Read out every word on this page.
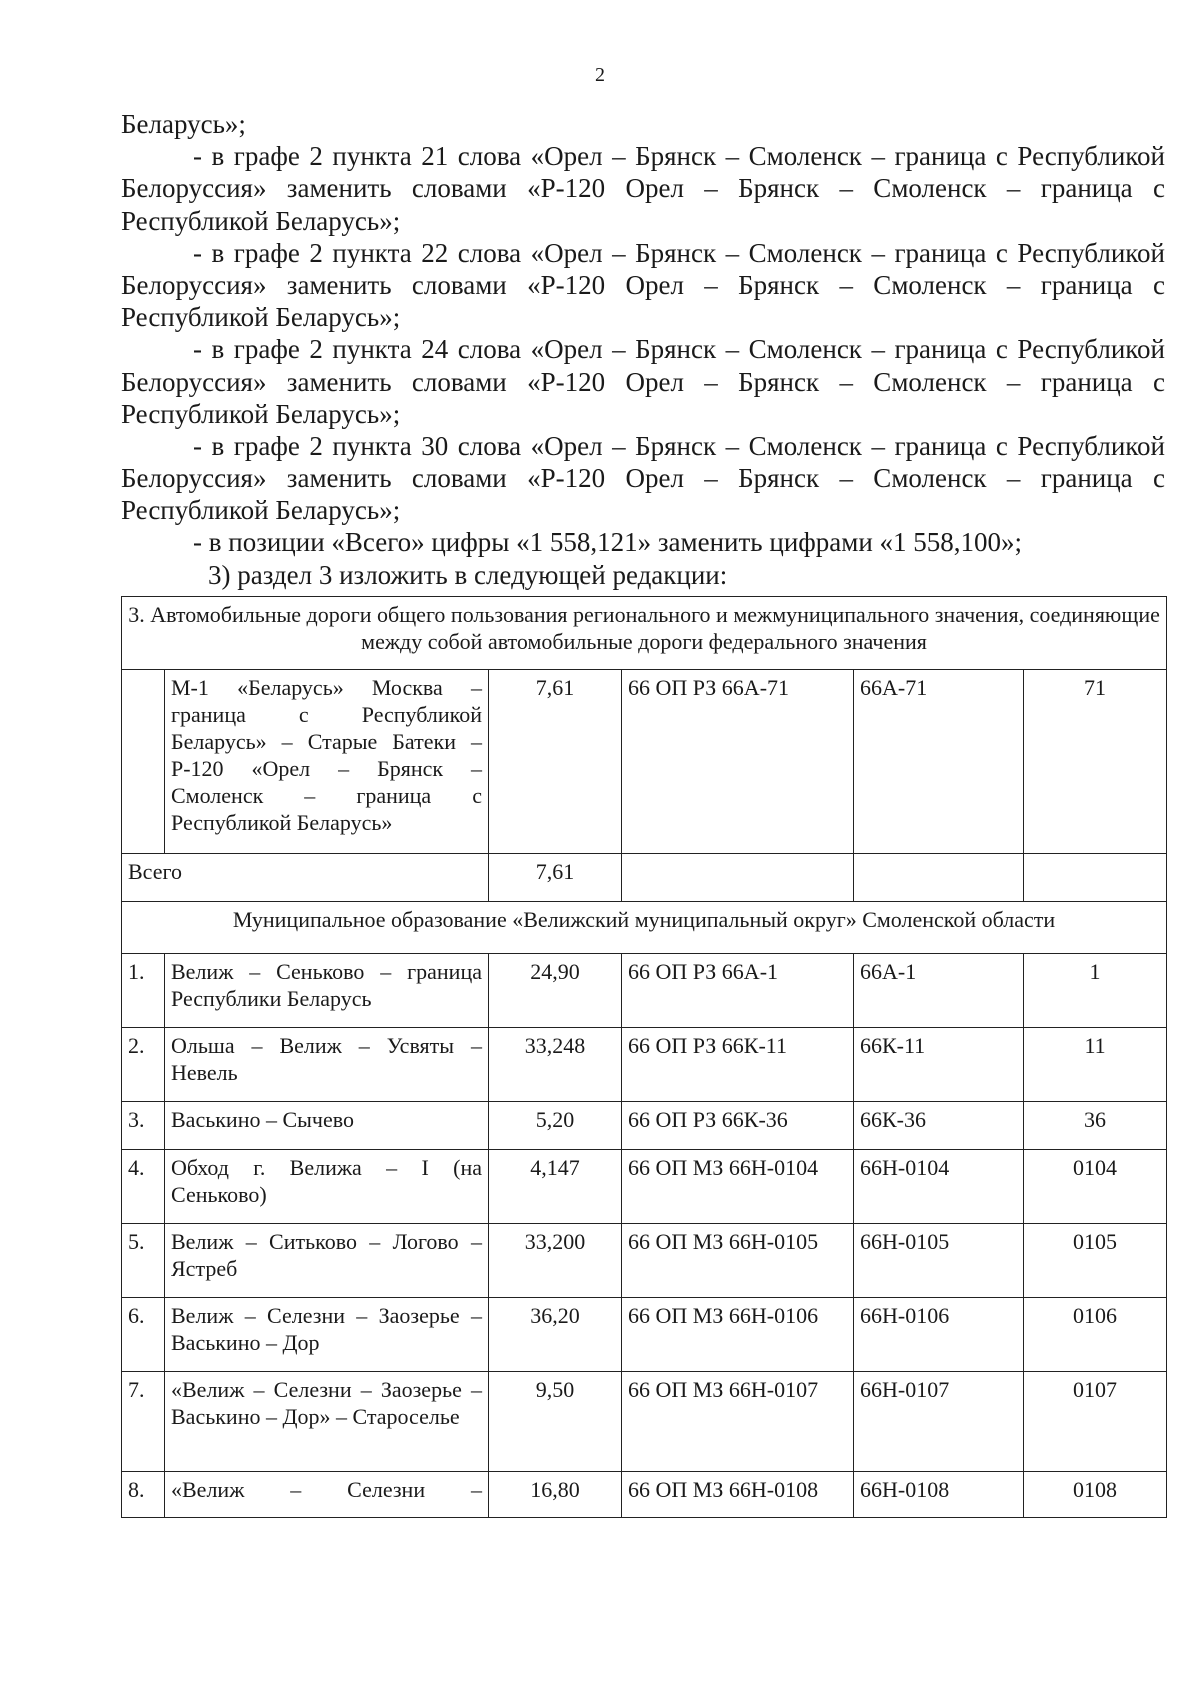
2
Беларусь»;
- в графе 2 пункта 21 слова «Орел – Брянск – Смоленск – граница с Республикой
Белоруссия» заменить словами «Р-120 Орел – Брянск – Смоленск – граница с
Республикой Беларусь»;
- в графе 2 пункта 22 слова «Орел – Брянск – Смоленск – граница с Республикой
Белоруссия» заменить словами «Р-120 Орел – Брянск – Смоленск – граница с
Республикой Беларусь»;
- в графе 2 пункта 24 слова «Орел – Брянск – Смоленск – граница с Республикой
Белоруссия» заменить словами «Р-120 Орел – Брянск – Смоленск – граница с
Республикой Беларусь»;
- в графе 2 пункта 30 слова «Орел – Брянск – Смоленск – граница с Республикой
Белоруссия» заменить словами «Р-120 Орел – Брянск – Смоленск – граница с
Республикой Беларусь»;
- в позиции «Всего» цифры «1 558,121» заменить цифрами «1 558,100»;
3) раздел 3 изложить в следующей редакции:
3. Автомобильные дороги общего пользования регионального и межмуниципального значения, соединяющие между собой автомобильные дороги федерального значения					
	М-1 «Беларусь» Москва – граница с Республикой Беларусь» – Старые Батеки – Р-120 «Орел – Брянск – Смоленск – граница с Республикой Беларусь»	7,61	66 ОП РЗ 66А-71	66А-71	71
Всего		7,61			
Муниципальное образование «Велижский муниципальный округ» Смоленской области					
1.	Велиж – Сеньково – граница Республики Беларусь	24,90	66 ОП РЗ 66А-1	66А-1	1
2.	Ольша – Велиж – Усвяты – Невель	33,248	66 ОП РЗ 66К-11	66К-11	11
3.	Васькино – Сычево	5,20	66 ОП РЗ 66К-36	66К-36	36
4.	Обход г. Велижа – I (на Сеньково)	4,147	66 ОП МЗ 66Н-0104	66Н-0104	0104
5.	Велиж – Ситьково – Логово – Ястреб	33,200	66 ОП МЗ 66Н-0105	66Н-0105	0105
6.	Велиж – Селезни – Заозерье – Васькино – Дор	36,20	66 ОП МЗ 66Н-0106	66Н-0106	0106
7.	«Велиж – Селезни – Заозерье – Васькино – Дор» – Староселье	9,50	66 ОП МЗ 66Н-0107	66Н-0107	0107
8.	«Велиж – Селезни –	16,80	66 ОП МЗ 66Н-0108	66Н-0108	0108
